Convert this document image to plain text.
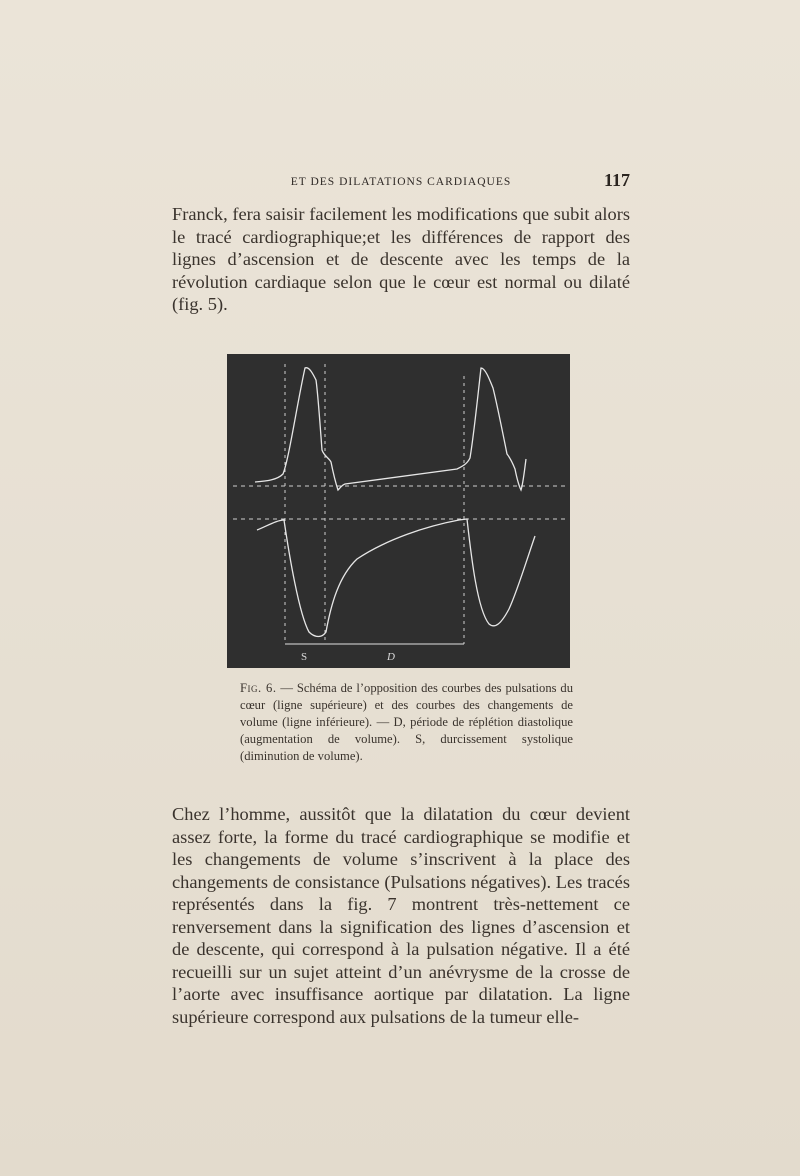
ET DES DILATATIONS CARDIAQUES	117

Franck, fera saisir facilement les modifications que subit alors le tracé cardiographique;et les différences de rapport des lignes d’ascension et de descente avec les temps de la révolution cardiaque selon que le cœur est normal ou dilaté (fig. 5).

S	D

Fig. 6. — Schéma de l’opposition des courbes des pulsations du cœur (ligne supérieure) et des courbes des changements de volume (ligne inférieure). — D, période de réplétion diastolique (augmentation de volume). S, durcissement systolique (diminution de volume).

Chez l’homme, aussitôt que la dilatation du cœur devient assez forte, la forme du tracé cardiographique se modifie et les changements de volume s’inscrivent à la place des changements de consistance (Pulsations négatives). Les tracés représentés dans la fig. 7 montrent très-nettement ce renversement dans la signification des lignes d’ascension et de descente, qui correspond à la pulsation négative. Il a été recueilli sur un sujet atteint d’un anévrysme de la crosse de l’aorte avec insuffisance aortique par dilatation. La ligne supérieure correspond aux pulsations de la tumeur elle-
